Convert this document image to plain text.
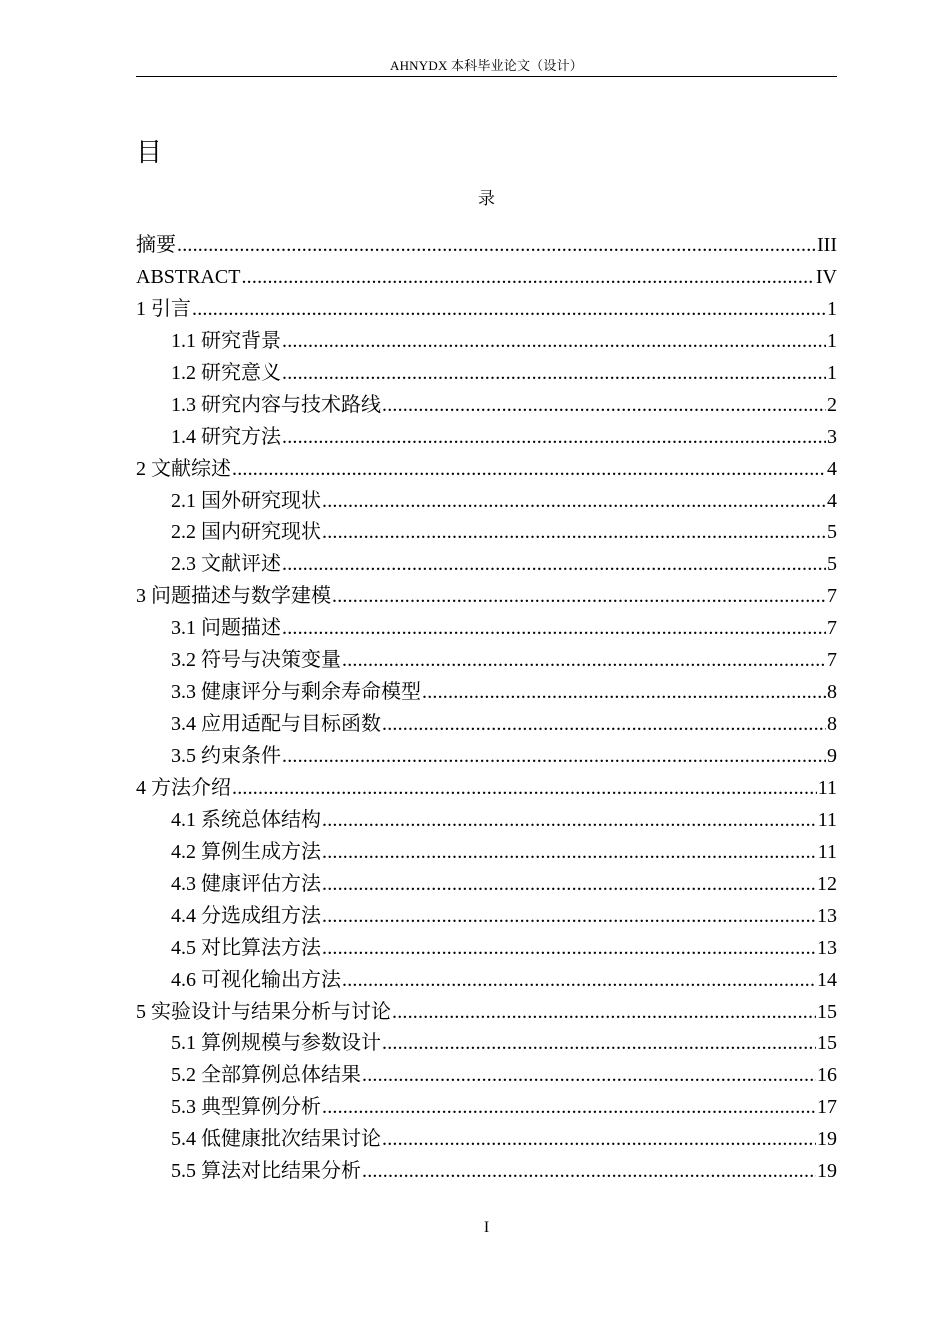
AHNYDX 本科毕业论文（设计）
目
录
摘要 .....	III
ABSTRACT .....	IV
1 引言 .....	1
1.1 研究背景 .....	1
1.2 研究意义 .....	1
1.3 研究内容与技术路线 .....	2
1.4 研究方法 .....	3
2 文献综述 .....	4
2.1 国外研究现状 .....	4
2.2 国内研究现状 .....	5
2.3 文献评述 .....	5
3 问题描述与数学建模 .....	7
3.1 问题描述 .....	7
3.2 符号与决策变量 .....	7
3.3 健康评分与剩余寿命模型 .....	8
3.4 应用适配与目标函数 .....	8
3.5 约束条件 .....	9
4 方法介绍 .....	11
4.1 系统总体结构 .....	11
4.2 算例生成方法 .....	11
4.3 健康评估方法 .....	12
4.4 分选成组方法 .....	13
4.5 对比算法方法 .....	13
4.6 可视化输出方法 .....	14
5 实验设计与结果分析与讨论 .....	15
5.1 算例规模与参数设计 .....	15
5.2 全部算例总体结果 .....	16
5.3 典型算例分析 .....	17
5.4 低健康批次结果讨论 .....	19
5.5 算法对比结果分析 .....	19
I
